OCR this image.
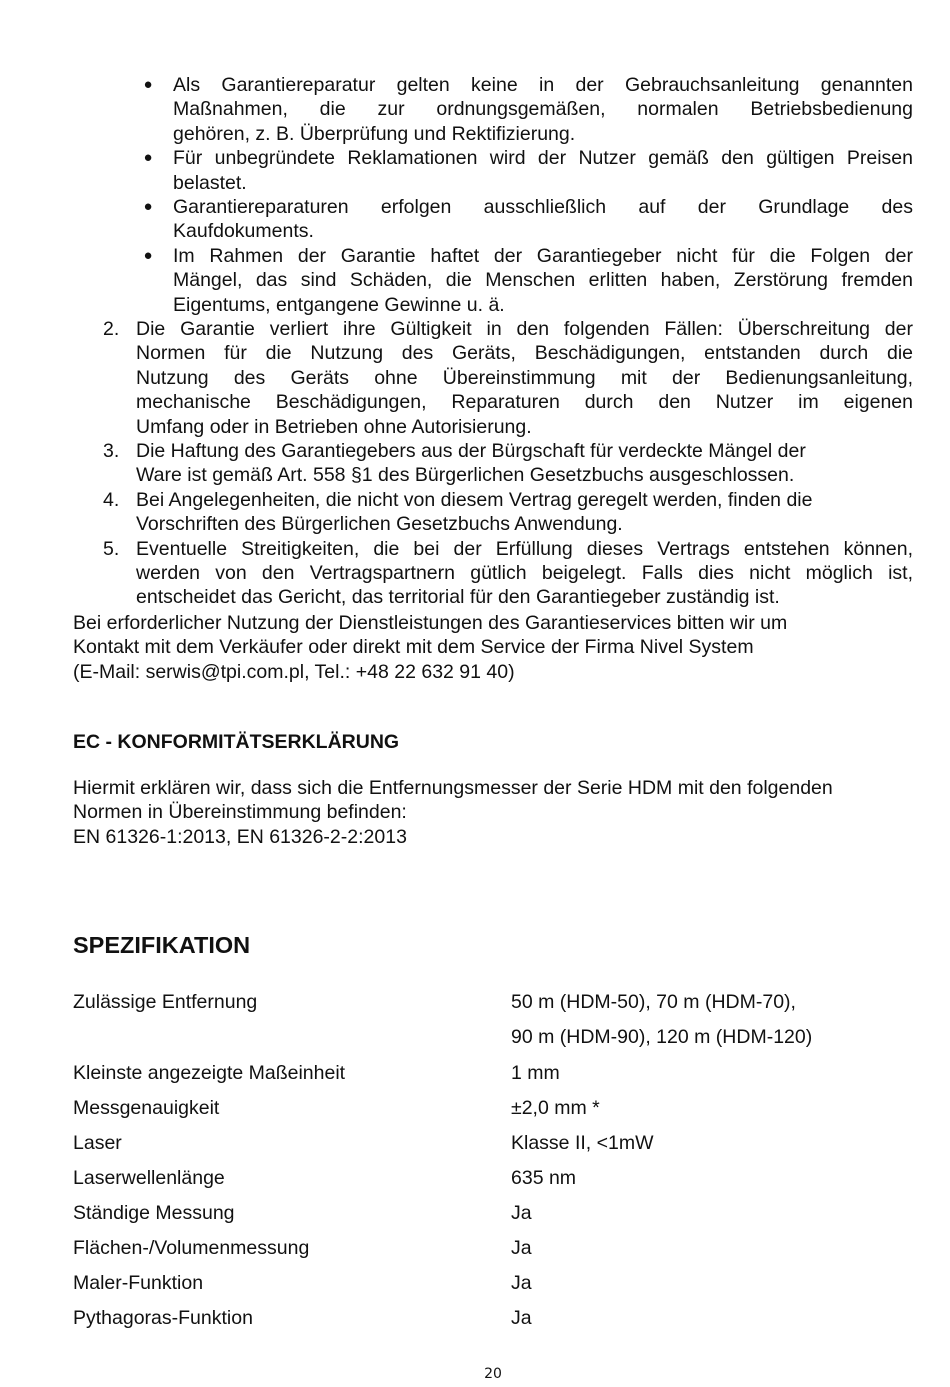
● Als Garantiereparatur gelten keine in der Gebrauchsanleitung genannten
Maßnahmen, die zur ordnungsgemäßen, normalen Betriebsbedienung
gehören, z. B. Überprüfung und Rektifizierung.
● Für unbegründete Reklamationen wird der Nutzer gemäß den gültigen Preisen
belastet.
● Garantiereparaturen erfolgen ausschließlich auf der Grundlage des
Kaufdokuments.
● Im Rahmen der Garantie haftet der Garantiegeber nicht für die Folgen der
Mängel, das sind Schäden, die Menschen erlitten haben, Zerstörung fremden
Eigentums, entgangene Gewinne u. ä.
2. Die Garantie verliert ihre Gültigkeit in den folgenden Fällen: Überschreitung der
Normen für die Nutzung des Geräts, Beschädigungen, entstanden durch die
Nutzung des Geräts ohne Übereinstimmung mit der Bedienungsanleitung,
mechanische Beschädigungen, Reparaturen durch den Nutzer im eigenen
Umfang oder in Betrieben ohne Autorisierung.
3. Die Haftung des Garantiegebers aus der Bürgschaft für verdeckte Mängel der
Ware ist gemäß Art. 558 §1 des Bürgerlichen Gesetzbuchs ausgeschlossen.
4. Bei Angelegenheiten, die nicht von diesem Vertrag geregelt werden, finden die
Vorschriften des Bürgerlichen Gesetzbuchs Anwendung.
5. Eventuelle Streitigkeiten, die bei der Erfüllung dieses Vertrags entstehen können,
werden von den Vertragspartnern gütlich beigelegt. Falls dies nicht möglich ist,
entscheidet das Gericht, das territorial für den Garantiegeber zuständig ist.
Bei erforderlicher Nutzung der Dienstleistungen des Garantieservices bitten wir um
Kontakt mit dem Verkäufer oder direkt mit dem Service der Firma Nivel System
(E-Mail: serwis@tpi.com.pl, Tel.: +48 22 632 91 40)
EC - KONFORMITÄTSERKLÄRUNG
Hiermit erklären wir, dass sich die Entfernungsmesser der Serie HDM mit den folgenden
Normen in Übereinstimmung befinden:
EN 61326-1:2013, EN 61326-2-2:2013
SPEZIFIKATION
Zulässige Entfernung	50 m (HDM-50), 70 m (HDM-70),
90 m (HDM-90), 120 m (HDM-120)
Kleinste angezeigte Maßeinheit	1 mm
Messgenauigkeit	±2,0 mm *
Laser	Klasse II, <1mW
Laserwellenlänge	635 nm
Ständige Messung	Ja
Flächen-/Volumenmessung	Ja
Maler-Funktion	Ja
Pythagoras-Funktion	Ja
20
